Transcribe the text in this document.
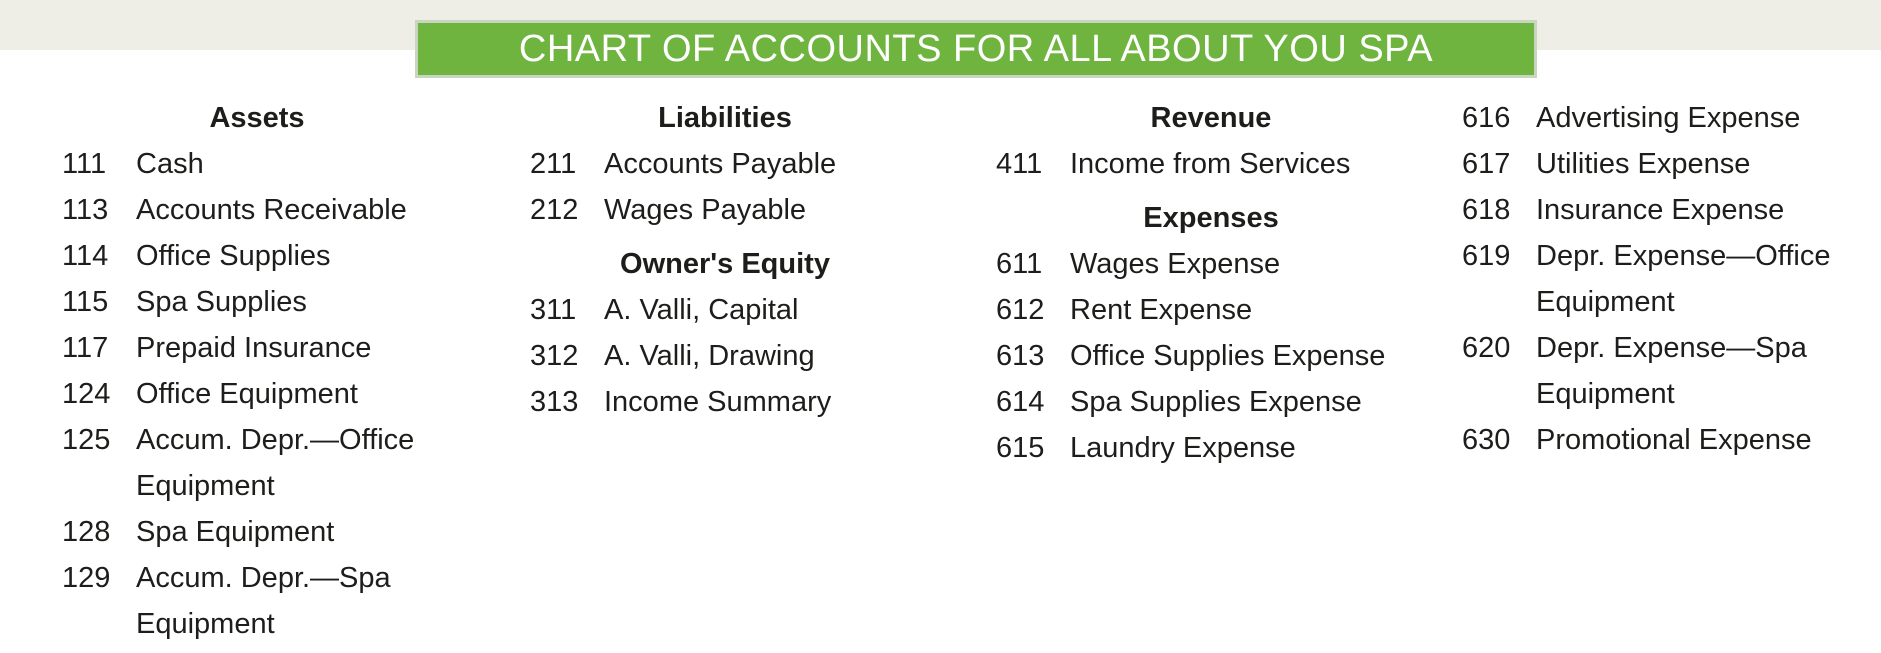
CHART OF ACCOUNTS FOR ALL ABOUT YOU SPA
Assets
111	Cash
113 Accounts Receivable
114 Office Supplies
115 Spa Supplies
117 Prepaid Insurance
124 Office Equipment
125 Accum. Depr.—Office
Equipment
128 Spa Equipment
129 Accum. Depr.—Spa
Equipment
Liabilities
211 Accounts Payable
212 Wages Payable
Owner's Equity
311 A. Valli, Capital
312 A. Valli, Drawing
313 Income Summary
Revenue
411 Income from Services
Expenses
611 Wages Expense
612 Rent Expense
613 Office Supplies Expense
614 Spa Supplies Expense
615 Laundry Expense
616 Advertising Expense
617 Utilities Expense
618 Insurance Expense
619 Depr. Expense—Office
Equipment
620 Depr. Expense—Spa
Equipment
630 Promotional Expense
